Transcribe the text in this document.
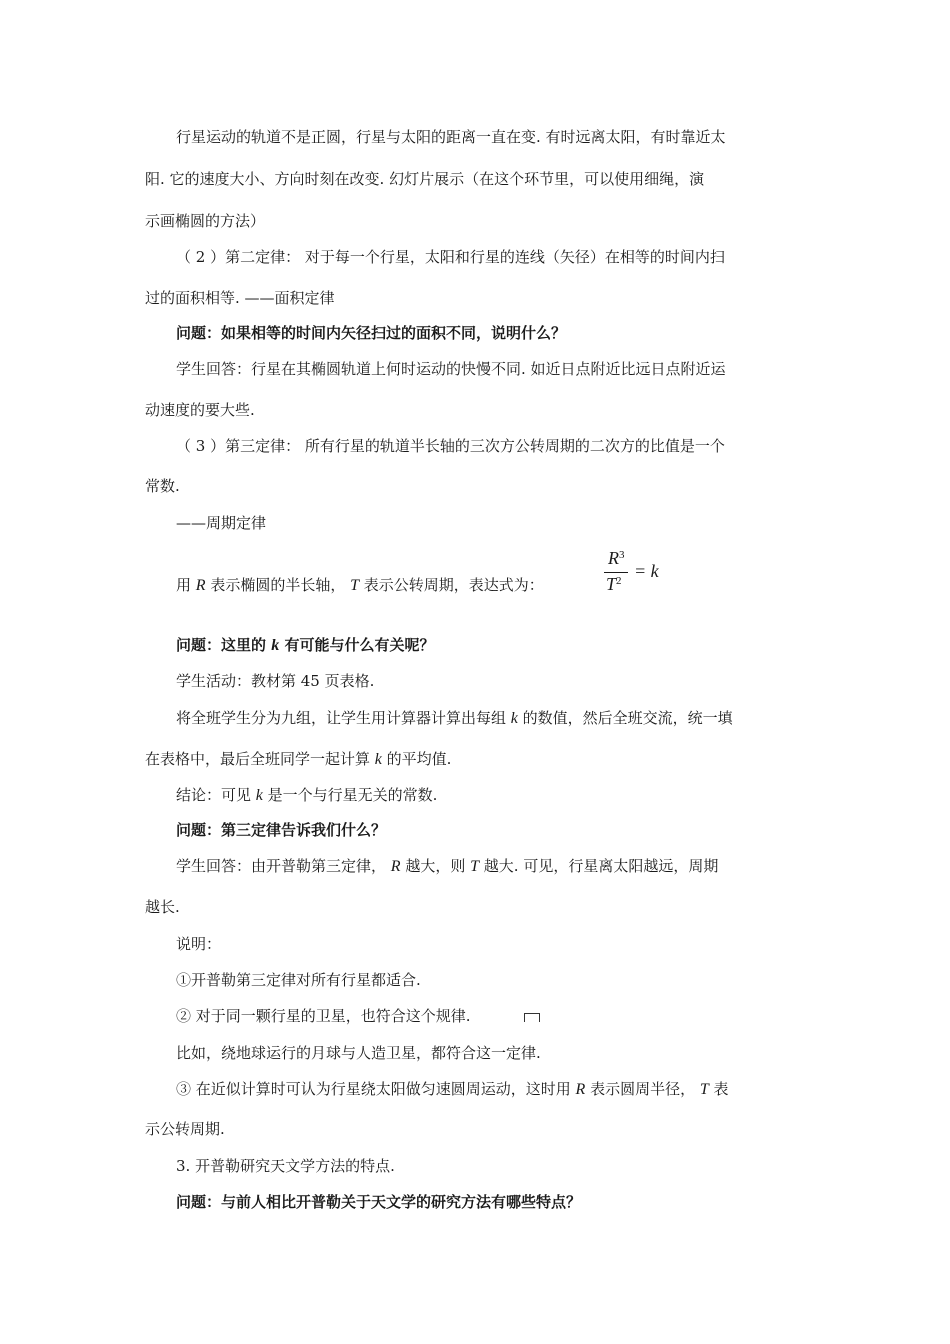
行星运动的轨道不是正圆，行星与太阳的距离一直在变. 有时远离太阳，有时靠近太
阳. 它的速度大小、方向时刻在改变. 幻灯片展示（在这个环节里，可以使用细绳，演
示画椭圆的方法）
（ 2 ）第二定律： 对于每一个行星，太阳和行星的连线（矢径）在相等的时间内扫
过的面积相等. ——面积定律
问题：如果相等的时间内矢径扫过的面积不同，说明什么？
学生回答：行星在其椭圆轨道上何时运动的快慢不同. 如近日点附近比远日点附近运
动速度的要大些.
（ 3 ）第三定律： 所有行星的轨道半长轴的三次方公转周期的二次方的比值是一个
常数.
——周期定律
用 R 表示椭圆的半长轴， T 表示公转周期，表达式为：
$R^3$
$T^2 = k$
问题：这里的 k 有可能与什么有关呢？
学生活动：教材第 45 页表格.
将全班学生分为九组，让学生用计算器计算出每组 k 的数值，然后全班交流，统一填
在表格中，最后全班同学一起计算 k 的平均值.
结论：可见 k 是一个与行星无关的常数.
问题：第三定律告诉我们什么？
学生回答：由开普勒第三定律， R 越大，则 T 越大. 可见，行星离太阳越远，周期
越长.
说明：
①开普勒第三定律对所有行星都适合.
② 对于同一颗行星的卫星，也符合这个规律.
比如，绕地球运行的月球与人造卫星，都符合这一定律.
③ 在近似计算时可认为行星绕太阳做匀速圆周运动，这时用 R 表示圆周半径， T 表
示公转周期.
3. 开普勒研究天文学方法的特点.
问题：与前人相比开普勒关于天文学的研究方法有哪些特点？
